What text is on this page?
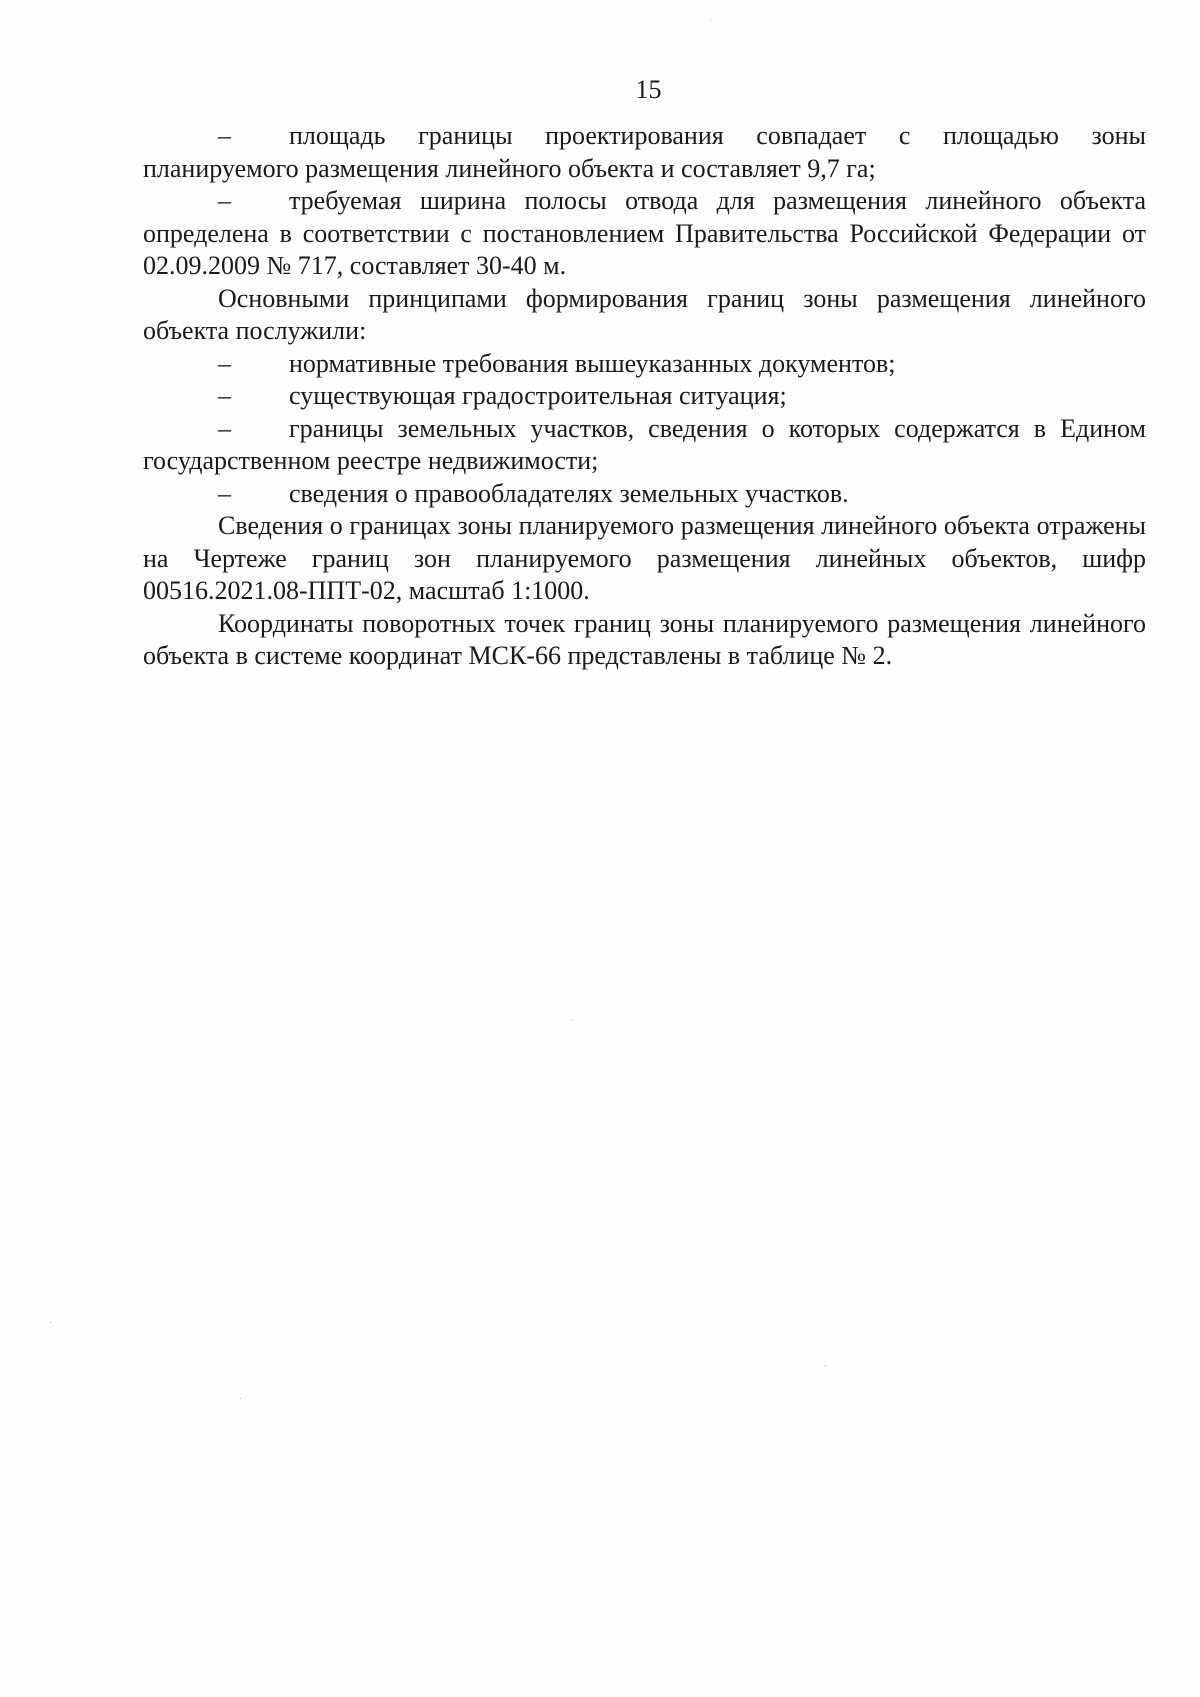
15

– площадь границы проектирования совпадает с площадью зоны планируемого размещения линейного объекта и составляет 9,7 га;

– требуемая ширина полосы отвода для размещения линейного объекта определена в соответствии с постановлением Правительства Российской Федерации от 02.09.2009 № 717, составляет 30-40 м.

Основными принципами формирования границ зоны размещения линейного объекта послужили:

– нормативные требования вышеуказанных документов;

– существующая градостроительная ситуация;

– границы земельных участков, сведения о которых содержатся в Едином государственном реестре недвижимости;

– сведения о правообладателях земельных участков.

Сведения о границах зоны планируемого размещения линейного объекта отражены на Чертеже границ зон планируемого размещения линейных объектов, шифр 00516.2021.08-ППТ-02, масштаб 1:1000.

Координаты поворотных точек границ зоны планируемого размещения линейного объекта в системе координат МСК-66 представлены в таблице № 2.
